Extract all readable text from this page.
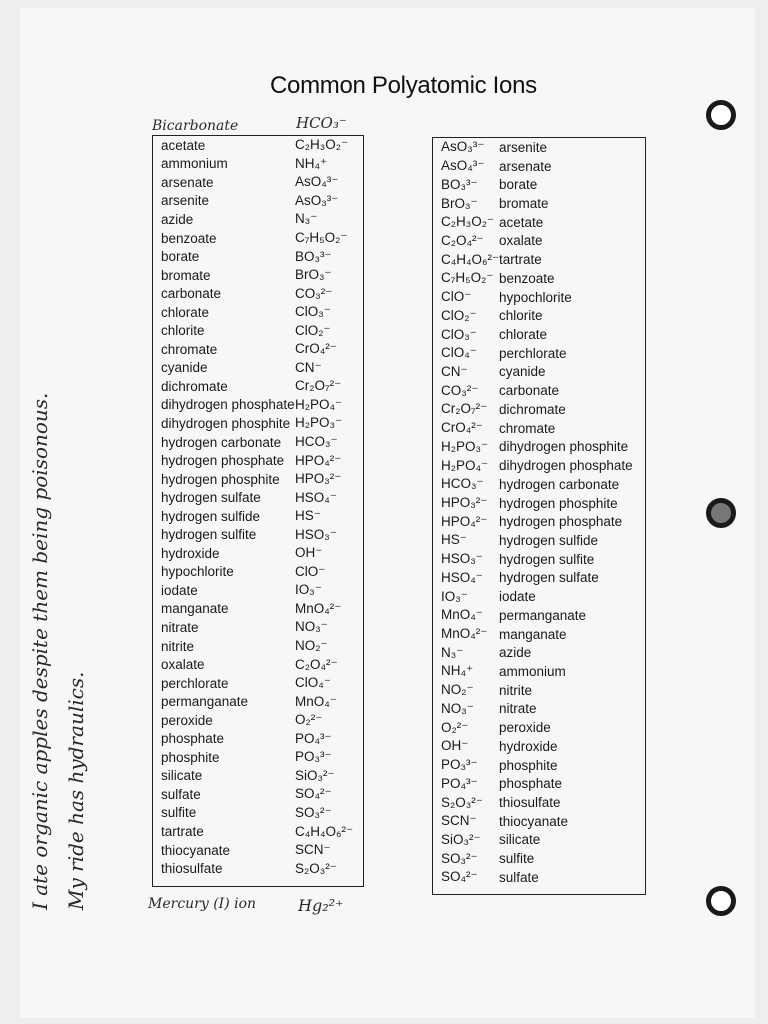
Common Polyatomic Ions
Bicarbonate	HCO₃⁻
acetate	C₂H₃O₂⁻
ammonium	NH₄⁺
arsenate	AsO₄³⁻
arsenite	AsO₃³⁻
azide	N₃⁻
benzoate	C₇H₅O₂⁻
borate	BO₃³⁻
bromate	BrO₃⁻
carbonate	CO₃²⁻
chlorate	ClO₃⁻
chlorite	ClO₂⁻
chromate	CrO₄²⁻
cyanide	CN⁻
dichromate	Cr₂O₇²⁻
dihydrogen phosphate H₂PO₄⁻
dihydrogen phosphite H₂PO₃⁻
hydrogen carbonate	HCO₃⁻
hydrogen phosphate HPO₄²⁻
hydrogen phosphite	HPO₃²⁻
hydrogen sulfate	HSO₄⁻
hydrogen sulfide	HS⁻
hydrogen sulfite	HSO₃⁻
hydroxide	OH⁻
hypochlorite	ClO⁻
iodate	IO₃⁻
manganate	MnO₄²⁻
nitrate	NO₃⁻
nitrite	NO₂⁻
oxalate	C₂O₄²⁻
perchlorate	ClO₄⁻
permanganate	MnO₄⁻
peroxide	O₂²⁻
phosphate	PO₄³⁻
phosphite	PO₃³⁻
silicate	SiO₃²⁻
sulfate	SO₄²⁻
sulfite	SO₃²⁻
tartrate	C₄H₄O₆²⁻
thiocyanate	SCN⁻
thiosulfate	S₂O₃²⁻
AsO₃³⁻	arsenite
AsO₄³⁻	arsenate
BO₃³⁻	borate
BrO₃⁻	bromate
C₂H₃O₂⁻ acetate
C₂O₄²⁻	oxalate
C₄H₄O₆²⁻ tartrate
C₇H₅O₂⁻ benzoate
ClO⁻	hypochlorite
ClO₂⁻	chlorite
ClO₃⁻	chlorate
ClO₄⁻	perchlorate
CN⁻	cyanide
CO₃²⁻	carbonate
Cr₂O₇²⁻ dichromate
CrO₄²⁻	chromate
H₂PO₃⁻ dihydrogen phosphite
H₂PO₄⁻ dihydrogen phosphate
HCO₃⁻	hydrogen carbonate
HPO₃²⁻ hydrogen phosphite
HPO₄²⁻ hydrogen phosphate
HS⁻	hydrogen sulfide
HSO₃⁻	hydrogen sulfite
HSO₄⁻	hydrogen sulfate
IO₃⁻	iodate
MnO₄⁻	permanganate
MnO₄²⁻ manganate
N₃⁻	azide
NH₄⁺	ammonium
NO₂⁻	nitrite
NO₃⁻	nitrate
O₂²⁻	peroxide
OH⁻	hydroxide
PO₃³⁻	phosphite
PO₄³⁻	phosphate
S₂O₃²⁻	thiosulfate
SCN⁻	thiocyanate
SiO₃²⁻	silicate
SO₃²⁻	sulfite
SO₄²⁻	sulfate
Mercury (I) ion	Hg₂²⁺
I ate organic apples despite them being poisonous. My ride has hydraulics.
